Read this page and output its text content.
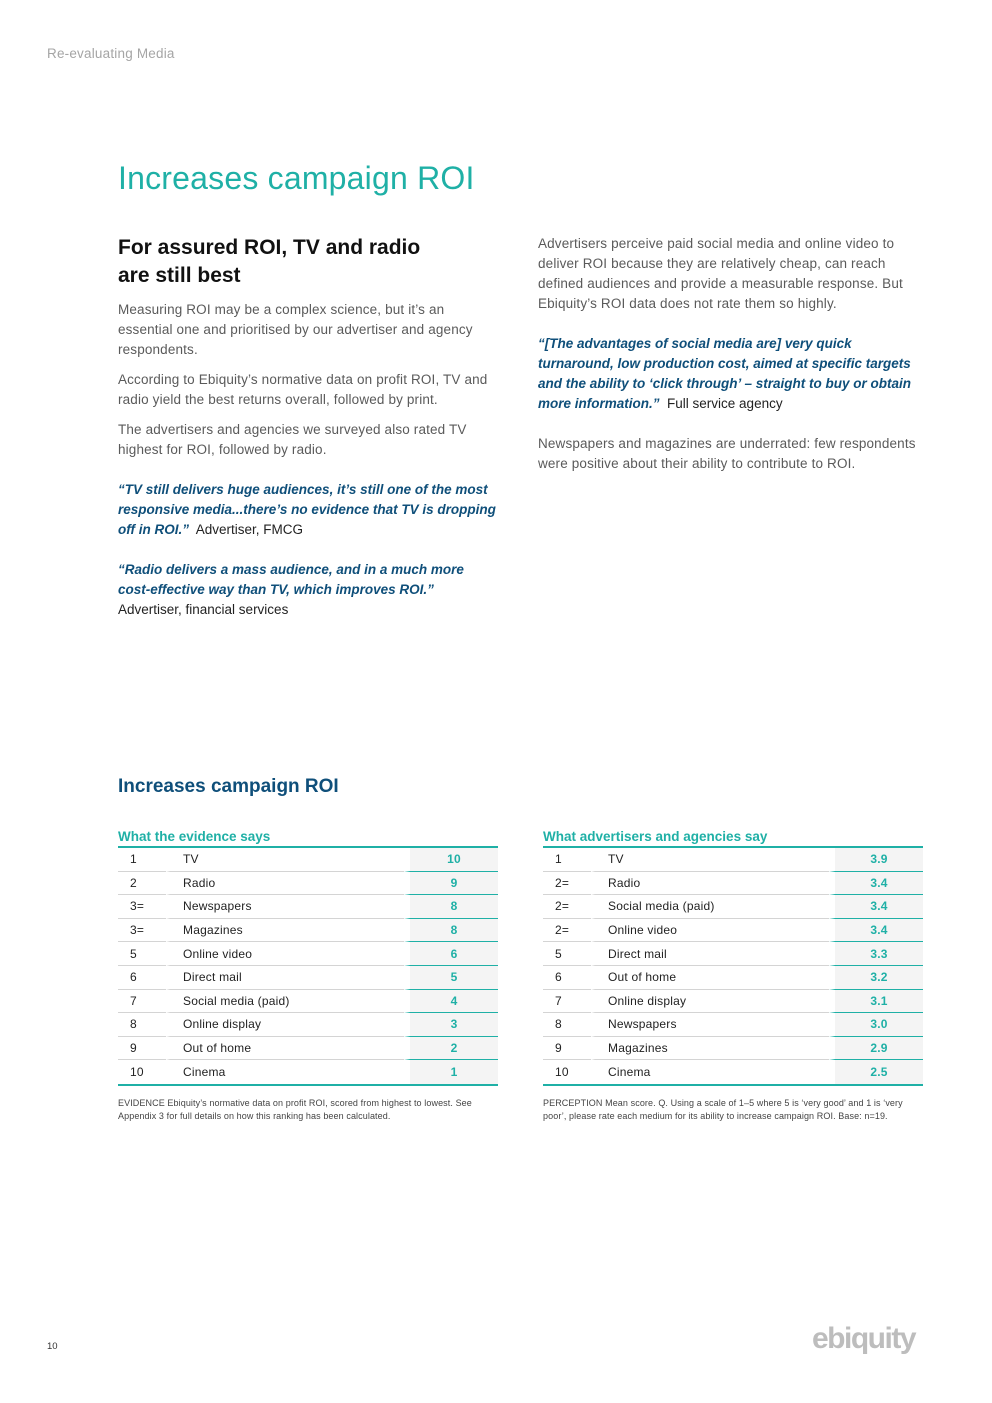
Re-evaluating Media
Increases campaign ROI
For assured ROI, TV and radio are still best

Measuring ROI may be a complex science, but it’s an essential one and prioritised by our advertiser and agency respondents.

According to Ebiquity’s normative data on profit ROI, TV and radio yield the best returns overall, followed by print.

The advertisers and agencies we surveyed also rated TV highest for ROI, followed by radio.

“TV still delivers huge audiences, it’s still one of the most responsive media...there’s no evidence that TV is dropping off in ROI.” Advertiser, FMCG
“Radio delivers a mass audience, and in a much more cost-effective way than TV, which improves ROI.”
Advertiser, financial services

Advertisers perceive paid social media and online video to deliver ROI because they are relatively cheap, can reach defined audiences and provide a measurable response. But Ebiquity’s ROI data does not rate them so highly.

“[The advantages of social media are] very quick turnaround, low production cost, aimed at specific targets and the ability to ‘click through’ – straight to buy or obtain more information.” Full service agency

Newspapers and magazines are underrated: few respondents were positive about their ability to contribute to ROI.

Increases campaign ROI
What the evidence says
1	TV	10
2	Radio	9
3=	Newspapers	8
3=	Magazines	8
5	Online video	6
6	Direct mail	5
7	Social media (paid)	4
8	Online display	3
9	Out of home	2
10	Cinema	1
EVIDENCE Ebiquity’s normative data on profit ROI, scored from highest to lowest. See Appendix 3 for full details on how this ranking has been calculated.
What advertisers and agencies say
1	TV	3.9
2=	Radio	3.4
2=	Social media (paid)	3.4
2=	Online video	3.4
5	Direct mail	3.3
6	Out of home	3.2
7	Online display	3.1
8	Newspapers	3.0
9	Magazines	2.9
10	Cinema	2.5
PERCEPTION Mean score. Q. Using a scale of 1–5 where 5 is ‘very good’ and 1 is ‘very poor’, please rate each medium for its ability to increase campaign ROI. Base: n=19.
10	ebiquity
